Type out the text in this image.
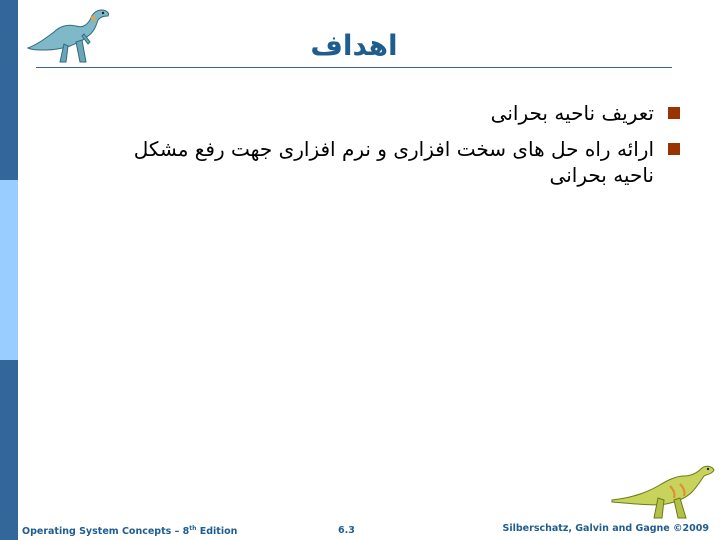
اهداف
تعریف ناحیه بحرانی
ارائه راه حل های سخت افزاری و نرم افزاری جهت رفع مشکل ناحیه بحرانی
Operating System Concepts – 8th Edition	6.3	Silberschatz, Galvin and Gagne ©2009
